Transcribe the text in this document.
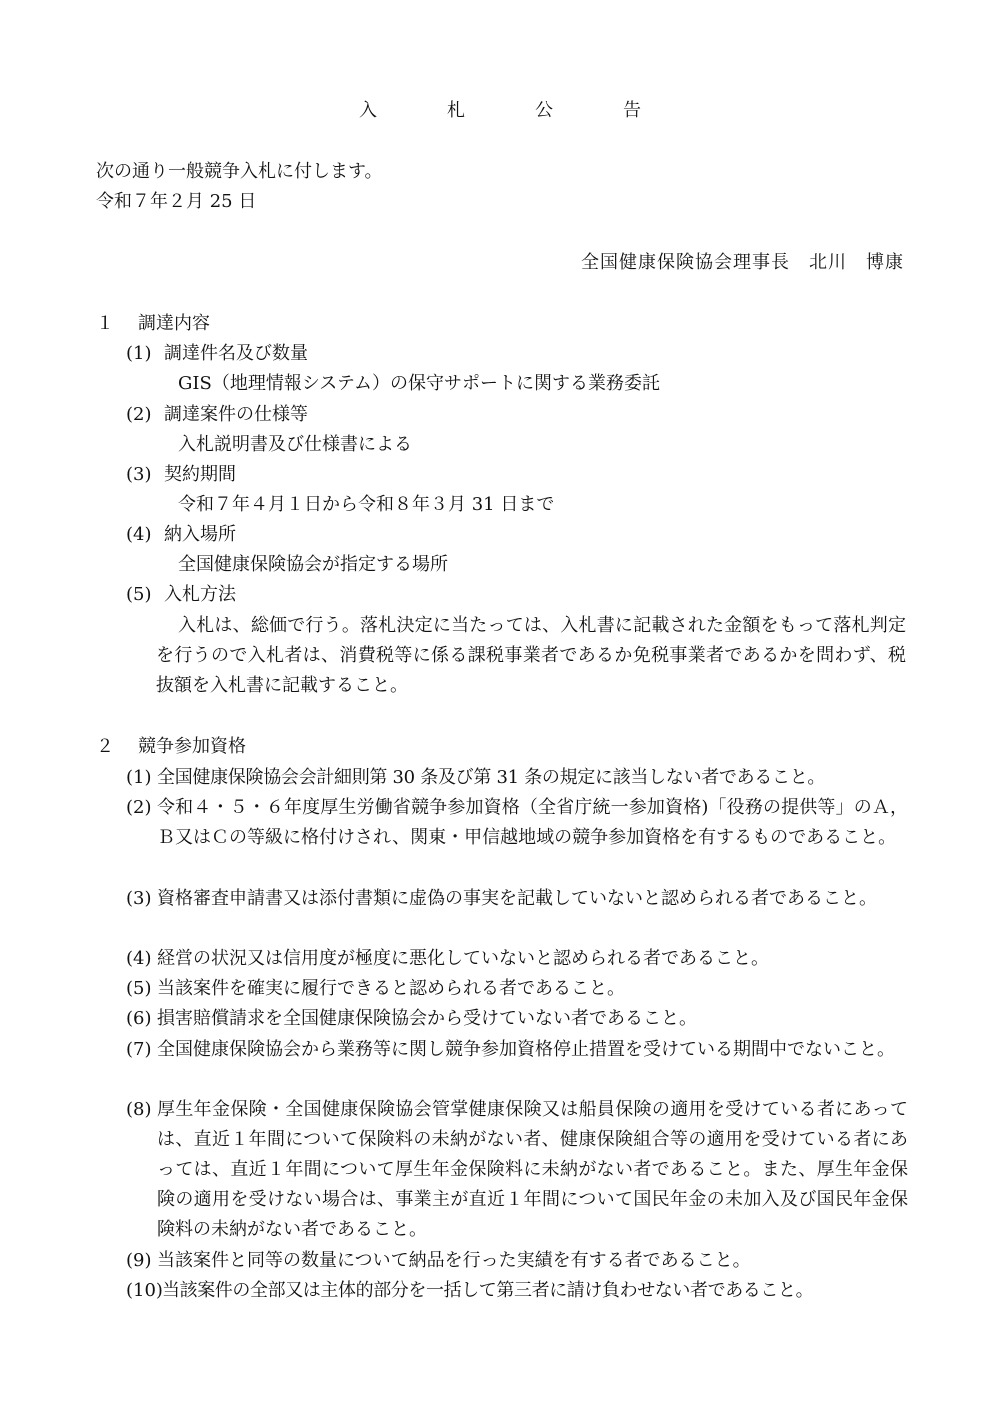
入　札　公　告
次の通り一般競争入札に付します。
令和７年２月 25 日
全国健康保険協会理事長　北川　博康
１ 調達内容
(1) 調達件名及び数量
GIS（地理情報システム）の保守サポートに関する業務委託
(2) 調達案件の仕様等
入札説明書及び仕様書による
(3) 契約期間
令和７年４月１日から令和８年３月 31 日まで
(4) 納入場所
全国健康保険協会が指定する場所
(5) 入札方法
入札は、総価で行う。落札決定に当たっては、入札書に記載された金額をもって落札判定を行うので入札者は、消費税等に係る課税事業者であるか免税事業者であるかを問わず、税抜額を入札書に記載すること。
２ 競争参加資格
(1) 全国健康保険協会会計細則第 30 条及び第 31 条の規定に該当しない者であること。
(2) 令和４・５・６年度厚生労働省競争参加資格（全省庁統一参加資格)「役務の提供等」のＡ，Ｂ又はＣの等級に格付けされ、関東・甲信越地域の競争参加資格を有するものであること。
(3) 資格審査申請書又は添付書類に虚偽の事実を記載していないと認められる者であること。
(4) 経営の状況又は信用度が極度に悪化していないと認められる者であること。
(5) 当該案件を確実に履行できると認められる者であること。
(6) 損害賠償請求を全国健康保険協会から受けていない者であること。
(7) 全国健康保険協会から業務等に関し競争参加資格停止措置を受けている期間中でないこと。
(8) 厚生年金保険・全国健康保険協会管掌健康保険又は船員保険の適用を受けている者にあっては、直近１年間について保険料の未納がない者、健康保険組合等の適用を受けている者にあっては、直近１年間について厚生年金保険料に未納がない者であること。また、厚生年金保険の適用を受けない場合は、事業主が直近１年間について国民年金の未加入及び国民年金保険料の未納がない者であること。
(9) 当該案件と同等の数量について納品を行った実績を有する者であること。
(10) 当該案件の全部又は主体的部分を一括して第三者に請け負わせない者であること。
